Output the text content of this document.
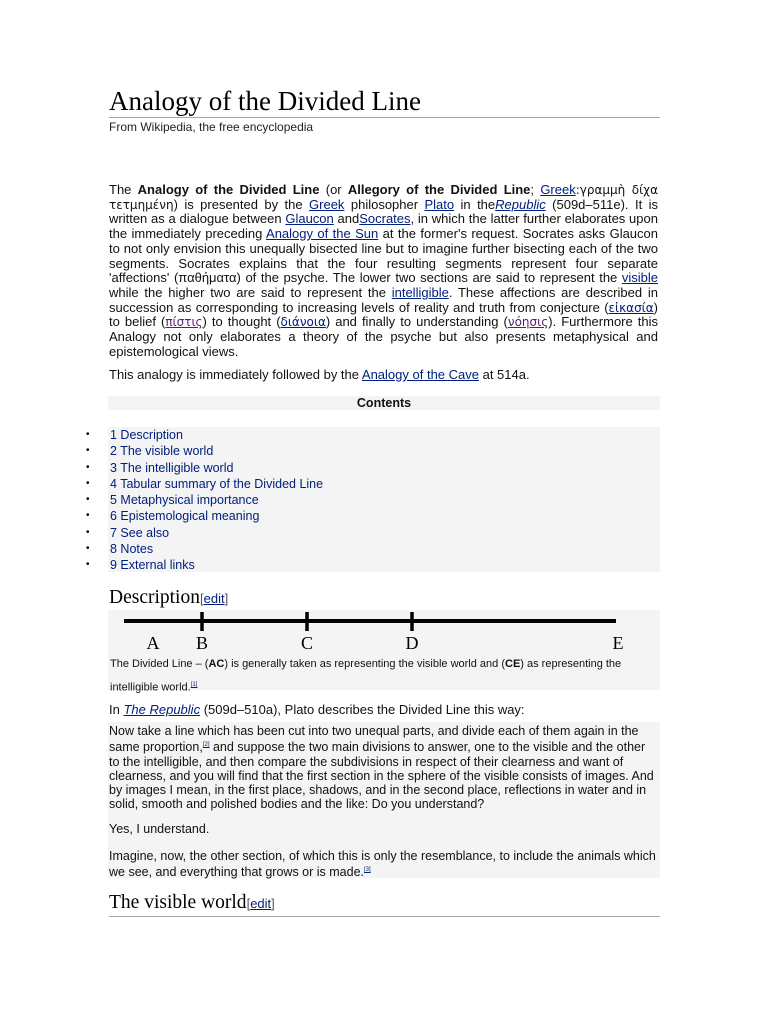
Analogy of the Divided Line
From Wikipedia, the free encyclopedia

The Analogy of the Divided Line (or Allegory of the Divided Line; Greek:γραμμὴ δίχα τετμημένη) is presented by the Greek philosopher Plato in theRepublic (509d–511e). It is written as a dialogue between Glaucon andSocrates, in which the latter further elaborates upon the immediately preceding Analogy of the Sun at the former's request. Socrates asks Glaucon to not only envision this unequally bisected line but to imagine further bisecting each of the two segments. Socrates explains that the four resulting segments represent four separate 'affections' (παθήματα) of the psyche. The lower two sections are said to represent the visible while the higher two are said to represent the intelligible. These affections are described in succession as corresponding to increasing levels of reality and truth from conjecture (εἰκασία) to belief (πίστις) to thought (διάνοια) and finally to understanding (νόησις). Furthermore this Analogy not only elaborates a theory of the psyche but also presents metaphysical and epistemological views.

This analogy is immediately followed by the Analogy of the Cave at 514a.

Contents
• 1 Description
• 2 The visible world
• 3 The intelligible world
• 4 Tabular summary of the Divided Line
• 5 Metaphysical importance
• 6 Epistemological meaning
• 7 See also
• 8 Notes
• 9 External links
Description[edit]
A B	C	D	E
The Divided Line – (AC) is generally taken as representing the visible world and (CE) as representing the intelligible world.[1]

In The Republic (509d–510a), Plato describes the Divided Line this way:

Now take a line which has been cut into two unequal parts, and divide each of them again in the same proportion,[2] and suppose the two main divisions to answer, one to the visible and the other to the intelligible, and then compare the subdivisions in respect of their clearness and want of clearness, and you will find that the first section in the sphere of the visible consists of images. And by images I mean, in the first place, shadows, and in the second place, reflections in water and in solid, smooth and polished bodies and the like: Do you understand?

Yes, I understand.

Imagine, now, the other section, of which this is only the resemblance, to include the animals which we see, and everything that grows or is made.[3]

The visible world[edit]
